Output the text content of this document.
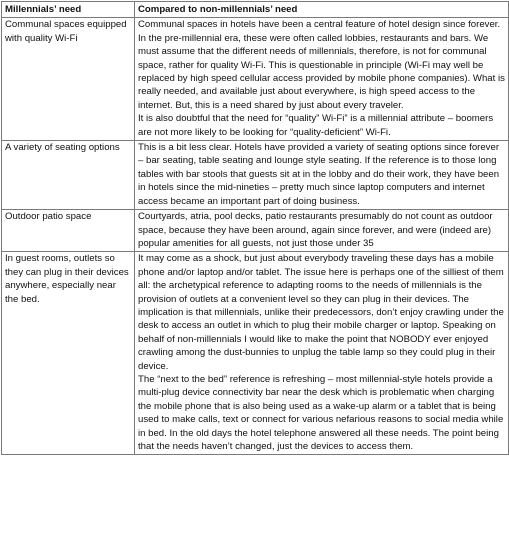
Millennials’ need	Compared to non-millennials’ need
Communal spaces equipped with quality Wi-Fi	Communal spaces in hotels have been a central feature of hotel design since forever. In the pre-millennial era, these were often called lobbies, restaurants and bars. We must assume that the different needs of millennials, therefore, is not for communal space, rather for quality Wi-Fi. This is questionable in principle (Wi-Fi may well be replaced by high speed cellular access provided by mobile phone companies). What is really needed, and available just about everywhere, is high speed access to the internet. But, this is a need shared by just about every traveler.
It is also doubtful that the need for “quality” Wi-Fi” is a millennial attribute – boomers are not more likely to be looking for “quality-deficient” Wi-Fi.

A variety of seating options	This is a bit less clear. Hotels have provided a variety of seating options since forever – bar seating, table seating and lounge style seating. If the reference is to those long tables with bar stools that guests sit at in the lobby and do their work, they have been in hotels since the mid-nineties – pretty much since laptop computers and internet access became an important part of doing business.

Outdoor patio space	Courtyards, atria, pool decks, patio restaurants presumably do not count as outdoor space, because they have been around, again since forever, and were (indeed are) popular amenities for all guests, not just those under 35

In guest rooms, outlets so they can plug in their devices anywhere, especially near the bed.	It may come as a shock, but just about everybody traveling these days has a mobile phone and/or laptop and/or tablet. The issue here is perhaps one of the silliest of them all: the archetypical reference to adapting rooms to the needs of millennials is the provision of outlets at a convenient level so they can plug in their devices. The implication is that millennials, unlike their predecessors, don’t enjoy crawling under the desk to access an outlet in which to plug their mobile charger or laptop. Speaking on behalf of non-millennials I would like to make the point that NOBODY ever enjoyed crawling among the dust-bunnies to unplug the table lamp so they could plug in their device.
The “next to the bed” reference is refreshing – most millennial-style hotels provide a multi-plug device connectivity bar near the desk which is problematic when charging the mobile phone that is also being used as a wake-up alarm or a tablet that is being used to make calls, text or connect for various nefarious reasons to social media while in bed. In the old days the hotel telephone answered all these needs. The point being that the needs haven’t changed, just the devices to access them.
